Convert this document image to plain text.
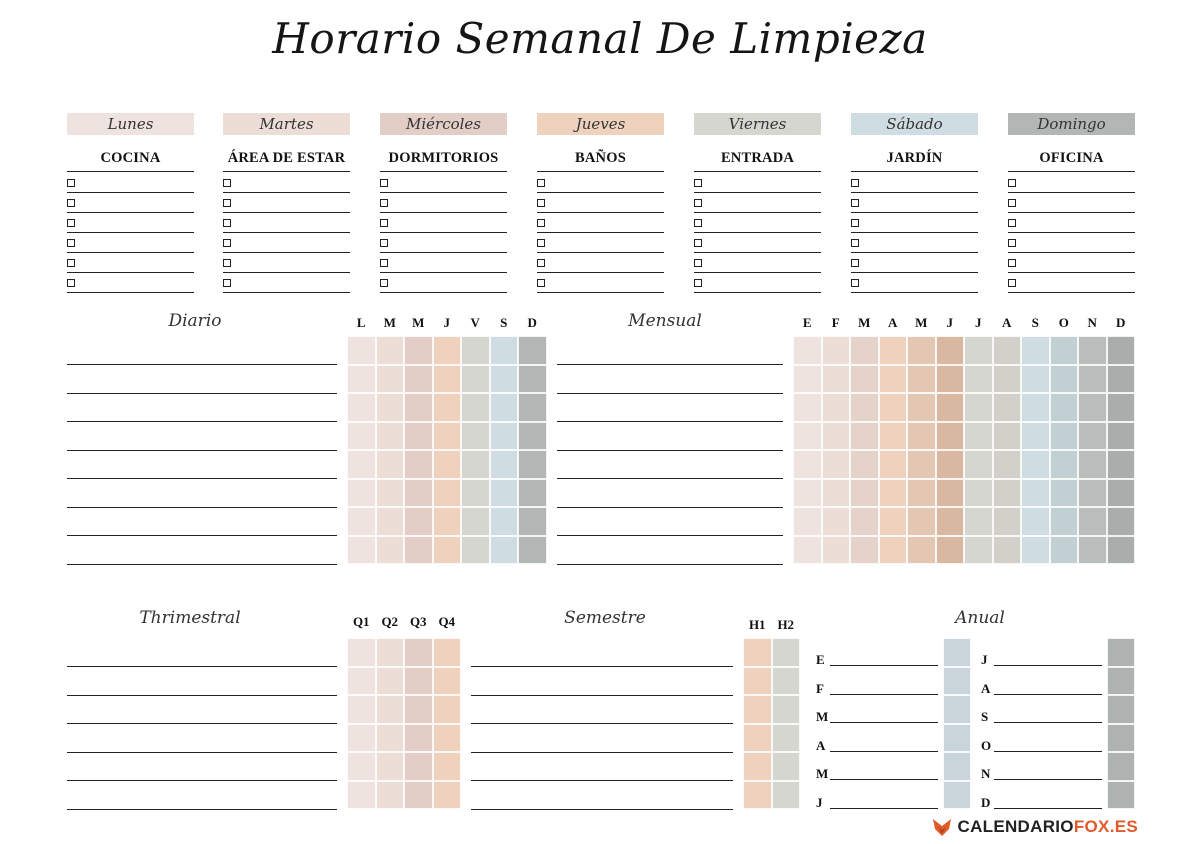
Horario Semanal De Limpieza
Lunes
COCINA
Martes
ÁREA DE ESTAR
Miércoles
DORMITORIOS
Jueves
BAÑOS
Viernes
ENTRADA
Sábado
JARDÍN
Domingo
OFICINA
Diario	L	M	M	J	V	S	D	Mensual	E	F	M	A	M	J	J	A	S	O	N	D
Thrimestral	Q1 Q2 Q3 Q4	Semestre	H1 H2	Anual
E
F
M
A
M
J
J
A
S
O
N
D
CALENDARIOFOX.ES
